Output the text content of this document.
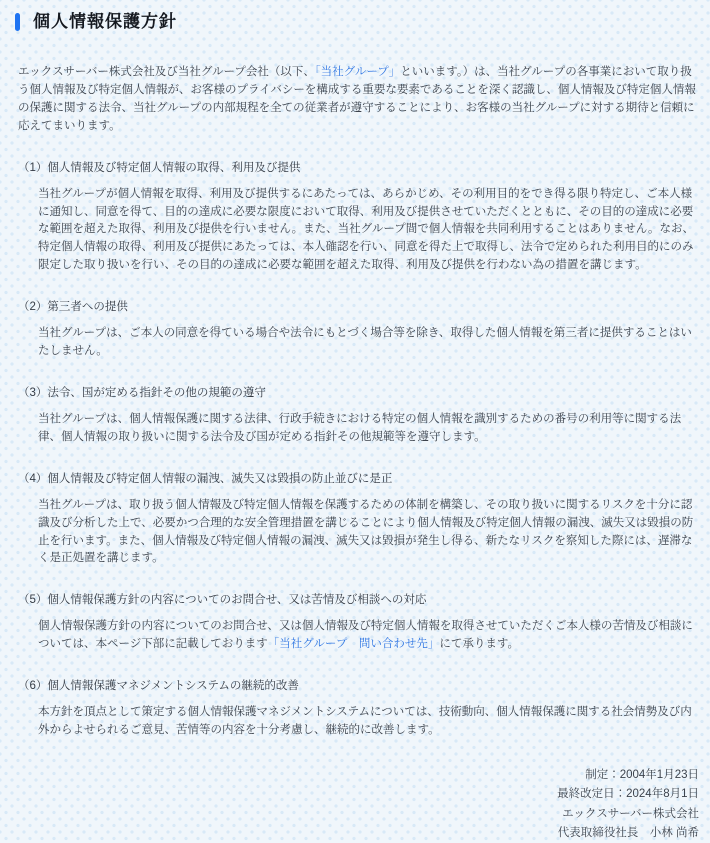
個人情報保護方針

エックスサーバー株式会社及び当社グループ会社（以下、「当社グループ」といいます。）は、当社グループの各事業において取り扱う個人情報及び特定個人情報が、お客様のプライバシーを構成する重要な要素であることを深く認識し、個人情報及び特定個人情報の保護に関する法令、当社グループの内部規程を全ての従業者が遵守することにより、お客様の当社グループに対する期待と信頼に応えてまいります。

（1）個人情報及び特定個人情報の取得、利用及び提供

当社グループが個人情報を取得、利用及び提供するにあたっては、あらかじめ、その利用目的をでき得る限り特定し、ご本人様に通知し、同意を得て、目的の達成に必要な限度において取得、利用及び提供させていただくとともに、その目的の達成に必要な範囲を超えた取得、利用及び提供を行いません。また、当社グループ間で個人情報を共同利用することはありません。なお、特定個人情報の取得、利用及び提供にあたっては、本人確認を行い、同意を得た上で取得し、法令で定められた利用目的にのみ限定した取り扱いを行い、その目的の達成に必要な範囲を超えた取得、利用及び提供を行わない為の措置を講じます。

（2）第三者への提供

当社グループは、ご本人の同意を得ている場合や法令にもとづく場合等を除き、取得した個人情報を第三者に提供することはいたしません。

（3）法令、国が定める指針その他の規範の遵守

当社グループは、個人情報保護に関する法律、行政手続きにおける特定の個人情報を識別するための番号の利用等に関する法律、個人情報の取り扱いに関する法令及び国が定める指針その他規範等を遵守します。

（4）個人情報及び特定個人情報の漏洩、滅失又は毀損の防止並びに是正

当社グループは、取り扱う個人情報及び特定個人情報を保護するための体制を構築し、その取り扱いに関するリスクを十分に認識及び分析した上で、必要かつ合理的な安全管理措置を講じることにより個人情報及び特定個人情報の漏洩、滅失又は毀損の防止を行います。また、個人情報及び特定個人情報の漏洩、滅失又は毀損が発生し得る、新たなリスクを察知した際には、遅滞なく是正処置を講じます。

（5）個人情報保護方針の内容についてのお問合せ、又は苦情及び相談への対応

個人情報保護方針の内容についてのお問合せ、又は個人情報及び特定個人情報を取得させていただくご本人様の苦情及び相談については、本ページ下部に記載しております「当社グループ　問い合わせ先」にて承ります。

（6）個人情報保護マネジメントシステムの継続的改善

本方針を頂点として策定する個人情報保護マネジメントシステムについては、技術動向、個人情報保護に関する社会情勢及び内外からよせられるご意見、苦情等の内容を十分考慮し、継続的に改善します。

制定：2004年1月23日
最終改定日：2024年8月1日
エックスサーバー株式会社
代表取締役社長　小林 尚希
